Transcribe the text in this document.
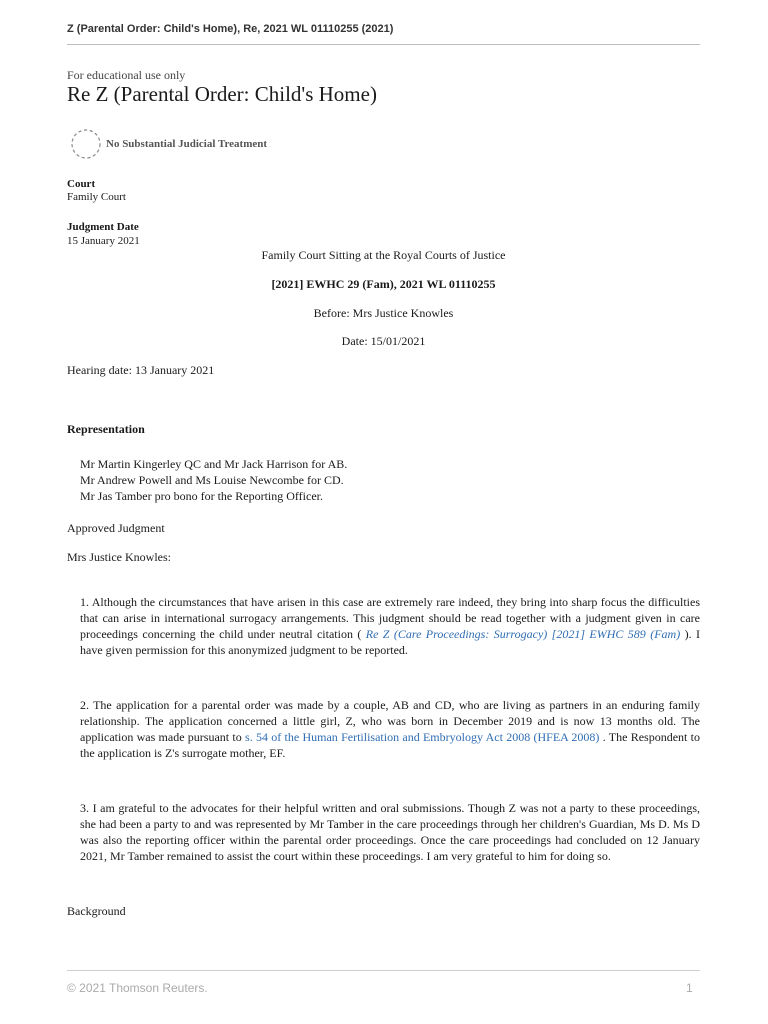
Z (Parental Order: Child's Home), Re, 2021 WL 01110255 (2021)
For educational use only
Re Z (Parental Order: Child's Home)
No Substantial Judicial Treatment
Court
Family Court
Judgment Date
15 January 2021
Family Court Sitting at the Royal Courts of Justice
[2021] EWHC 29 (Fam), 2021 WL 01110255
Before: Mrs Justice Knowles
Date: 15/01/2021
Hearing date: 13 January 2021
Representation
Mr Martin Kingerley QC and Mr Jack Harrison for AB.
Mr Andrew Powell and Ms Louise Newcombe for CD.
Mr Jas Tamber pro bono for the Reporting Officer.
Approved Judgment
Mrs Justice Knowles:

1. Although the circumstances that have arisen in this case are extremely rare indeed, they bring into sharp focus the difficulties that can arise in international surrogacy arrangements. This judgment should be read together with a judgment given in care proceedings concerning the child under neutral citation ( Re Z (Care Proceedings: Surrogacy) [2021] EWHC 589 (Fam) ). I have given permission for this anonymized judgment to be reported.

2. The application for a parental order was made by a couple, AB and CD, who are living as partners in an enduring family relationship. The application concerned a little girl, Z, who was born in December 2019 and is now 13 months old. The application was made pursuant to s. 54 of the Human Fertilisation and Embryology Act 2008 (HFEA 2008) . The Respondent to the application is Z's surrogate mother, EF.

3. I am grateful to the advocates for their helpful written and oral submissions. Though Z was not a party to these proceedings, she had been a party to and was represented by Mr Tamber in the care proceedings through her children's Guardian, Ms D. Ms D was also the reporting officer within the parental order proceedings. Once the care proceedings had concluded on 12 January 2021, Mr Tamber remained to assist the court within these proceedings. I am very grateful to him for doing so.

Background
© 2021 Thomson Reuters.	1
